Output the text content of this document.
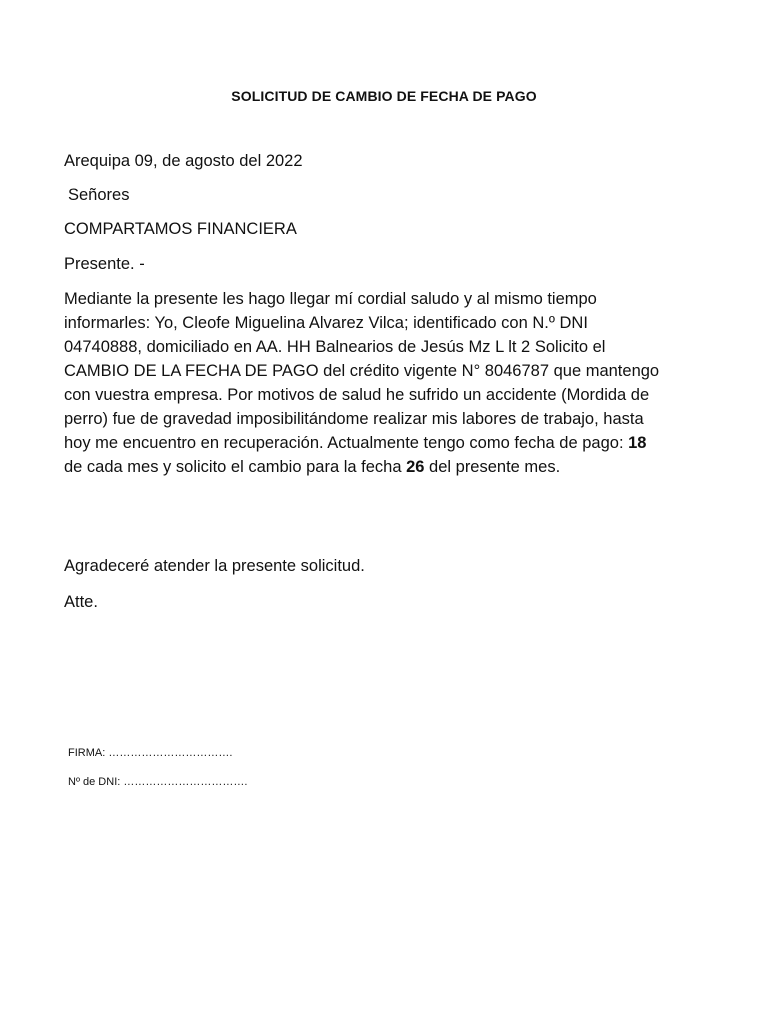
SOLICITUD DE CAMBIO DE FECHA DE PAGO
Arequipa 09, de agosto del 2022
Señores
COMPARTAMOS FINANCIERA
Presente. -
Mediante la presente les hago llegar mí cordial saludo y al mismo tiempo
informarles: Yo, Cleofe Miguelina Alvarez Vilca; identificado con N.º DNI
04740888, domiciliado en AA. HH Balnearios de Jesús Mz L lt 2 Solicito el
CAMBIO DE LA FECHA DE PAGO del crédito vigente N° 8046787 que mantengo
con vuestra empresa. Por motivos de salud he sufrido un accidente (Mordida de
perro) fue de gravedad imposibilitándome realizar mis labores de trabajo, hasta
hoy me encuentro en recuperación. Actualmente tengo como fecha de pago: 18
de cada mes y solicito el cambio para la fecha 26 del presente mes.
Agradeceré atender la presente solicitud.
Atte.
FIRMA: …………………………….
Nº de DNI: …………………………….
